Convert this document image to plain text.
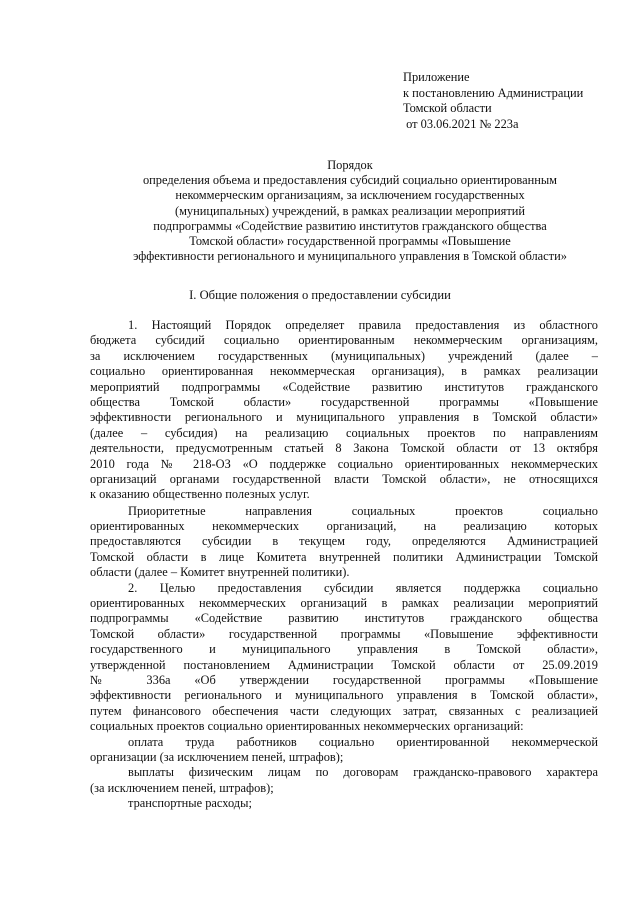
Приложение
к постановлению Администрации
Томской области
от 03.06.2021 № 223а
Порядок
определения объема и предоставления субсидий социально ориентированным
некоммерческим организациям, за исключением государственных
(муниципальных) учреждений, в рамках реализации мероприятий
подпрограммы «Содействие развитию институтов гражданского общества
Томской области» государственной программы «Повышение
эффективности регионального и муниципального управления в Томской области»
I. Общие положения о предоставлении субсидии
1. Настоящий Порядок определяет правила предоставления из областного
бюджета субсидий социально ориентированным некоммерческим организациям,
за исключением государственных (муниципальных) учреждений (далее –
социально ориентированная некоммерческая организация), в рамках реализации
мероприятий подпрограммы «Содействие развитию институтов гражданского
общества Томской области» государственной программы «Повышение
эффективности регионального и муниципального управления в Томской области»
(далее – субсидия) на реализацию социальных проектов по направлениям
деятельности, предусмотренным статьей 8 Закона Томской области от 13 октября
2010 года № 218-ОЗ «О поддержке социально ориентированных некоммерческих
организаций органами государственной власти Томской области», не относящихся
к оказанию общественно полезных услуг.
Приоритетные направления социальных проектов социально
ориентированных некоммерческих организаций, на реализацию которых
предоставляются субсидии в текущем году, определяются Администрацией
Томской области в лице Комитета внутренней политики Администрации Томской
области (далее – Комитет внутренней политики).
2. Целью предоставления субсидии является поддержка социально
ориентированных некоммерческих организаций в рамках реализации мероприятий
подпрограммы «Содействие развитию институтов гражданского общества
Томской области» государственной программы «Повышение эффективности
государственного и муниципального управления в Томской области»,
утвержденной постановлением Администрации Томской области от 25.09.2019
№ 336а «Об утверждении государственной программы «Повышение
эффективности регионального и муниципального управления в Томской области»,
путем финансового обеспечения части следующих затрат, связанных с реализацией
социальных проектов социально ориентированных некоммерческих организаций:
оплата труда работников социально ориентированной некоммерческой
организации (за исключением пеней, штрафов);
выплаты физическим лицам по договорам гражданско-правового характера
(за исключением пеней, штрафов);
транспортные расходы;
